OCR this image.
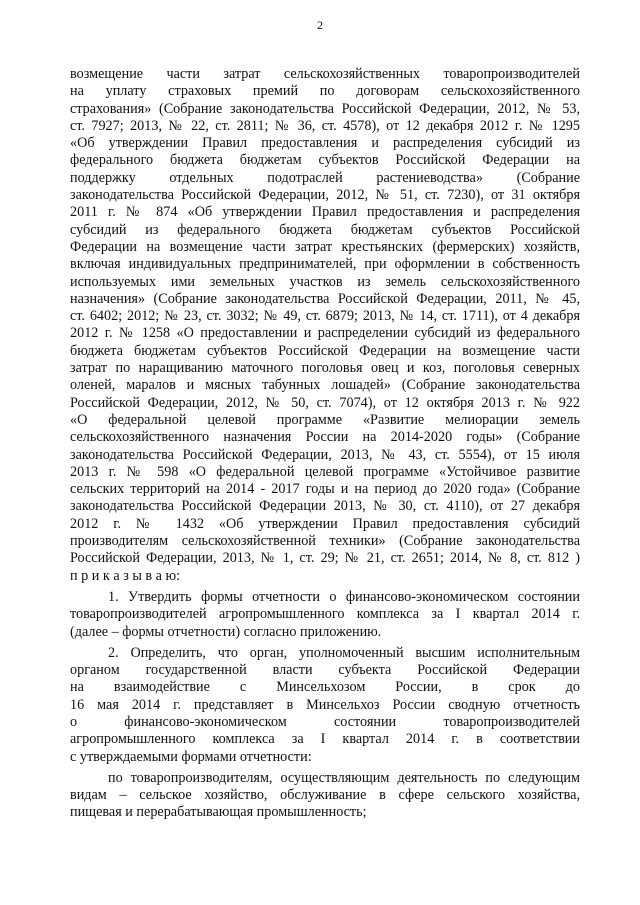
2
возмещение части затрат сельскохозяйственных товаропроизводителей
на уплату страховых премий по договорам сельскохозяйственного
страхования» (Собрание законодательства Российской Федерации, 2012, № 53,
ст. 7927; 2013, № 22, ст. 2811; № 36, ст. 4578), от 12 декабря 2012 г. № 1295
«Об утверждении Правил предоставления и распределения субсидий из
федерального бюджета бюджетам субъектов Российской Федерации на
поддержку отдельных подотраслей растениеводства» (Собрание
законодательства Российской Федерации, 2012, № 51, ст. 7230), от 31 октября
2011 г. № 874 «Об утверждении Правил предоставления и распределения
субсидий из федерального бюджета бюджетам субъектов Российской
Федерации на возмещение части затрат крестьянских (фермерских) хозяйств,
включая индивидуальных предпринимателей, при оформлении в собственность
используемых ими земельных участков из земель сельскохозяйственного
назначения» (Собрание законодательства Российской Федерации, 2011, № 45,
ст. 6402; 2012; № 23, ст. 3032; № 49, ст. 6879; 2013, № 14, ст. 1711), от 4 декабря
2012 г. № 1258 «О предоставлении и распределении субсидий из федерального
бюджета бюджетам субъектов Российской Федерации на возмещение части
затрат по наращиванию маточного поголовья овец и коз, поголовья северных
оленей, маралов и мясных табунных лошадей» (Собрание законодательства
Российской Федерации, 2012, № 50, ст. 7074), от 12 октября 2013 г. № 922
«О федеральной целевой программе «Развитие мелиорации земель
сельскохозяйственного назначения России на 2014-2020 годы» (Собрание
законодательства Российской Федерации, 2013, № 43, ст. 5554), от 15 июля
2013 г. № 598 «О федеральной целевой программе «Устойчивое развитие
сельских территорий на 2014 - 2017 годы и на период до 2020 года» (Собрание
законодательства Российской Федерации 2013, № 30, ст. 4110), от 27 декабря
2012 г. № 1432 «Об утверждении Правил предоставления субсидий
производителям сельскохозяйственной техники» (Собрание законодательства
Российской Федерации, 2013, № 1, ст. 29; № 21, ст. 2651; 2014, № 8, ст. 812 )
п р и к а з ы в а ю:
1. Утвердить формы отчетности о финансово-экономическом состоянии
товаропроизводителей агропромышленного комплекса за I квартал 2014 г.
(далее – формы отчетности) согласно приложению.
2. Определить, что орган, уполномоченный высшим исполнительным
органом государственной власти субъекта Российской Федерации
на взаимодействие с Минсельхозом России, в срок до
16 мая 2014 г. представляет в Минсельхоз России сводную отчетность
о финансово-экономическом состоянии товаропроизводителей
агропромышленного комплекса за I квартал 2014 г. в соответствии
с утверждаемыми формами отчетности:
по товаропроизводителям, осуществляющим деятельность по следующим
видам – сельское хозяйство, обслуживание в сфере сельского хозяйства,
пищевая и перерабатывающая промышленность;
